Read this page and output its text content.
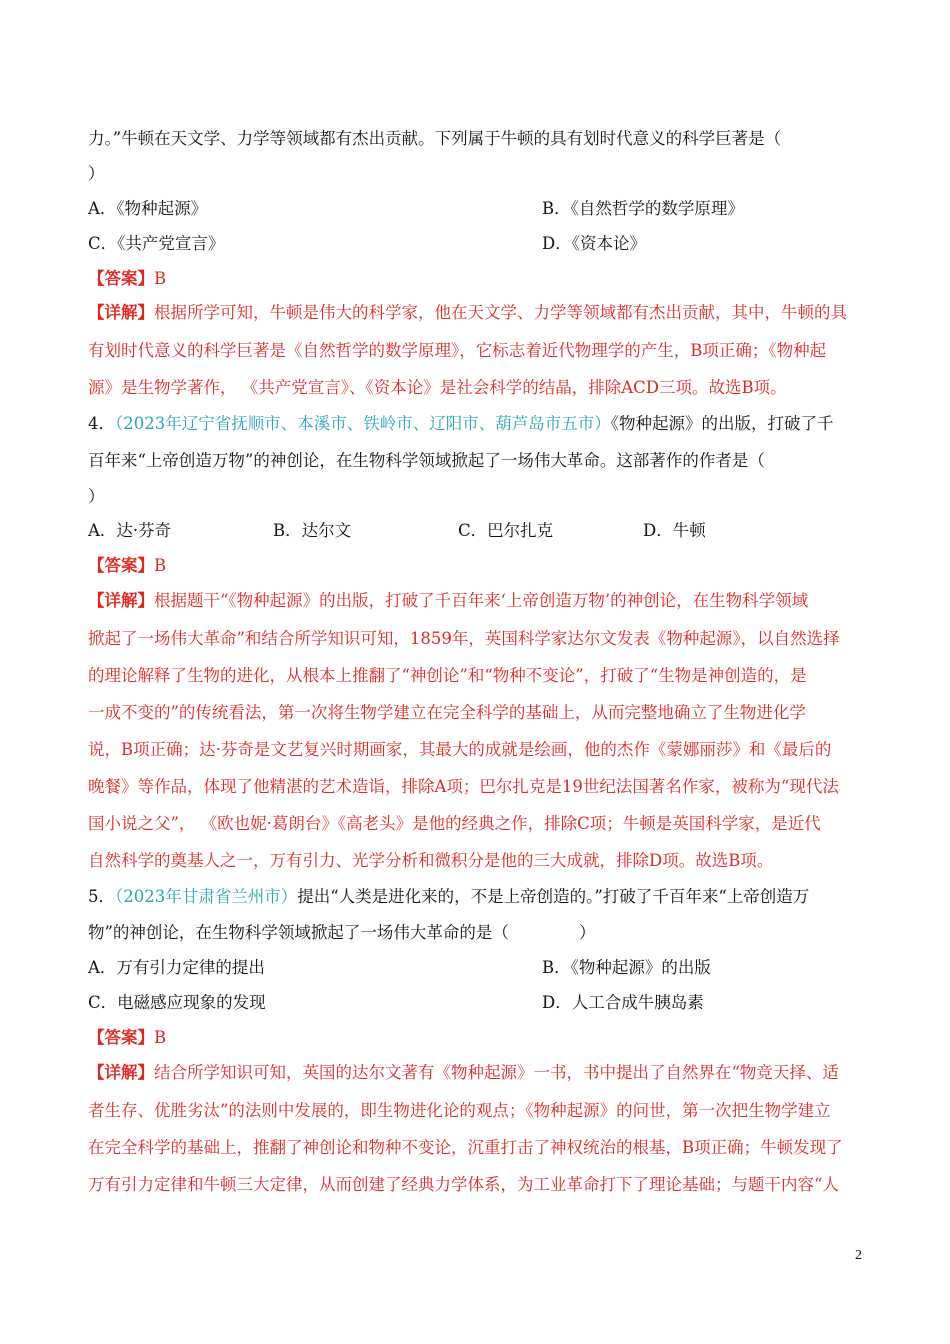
力。”牛顿在天文学、力学等领域都有杰出贡献。下列属于牛顿的具有划时代意义的科学巨著是（
）
A．《物种起源》	B．《自然哲学的数学原理》
C．《共产党宣言》	D．《资本论》
【答案】B
【详解】根据所学可知，牛顿是伟大的科学家，他在天文学、力学等领域都有杰出贡献，其中，牛顿的具
有划时代意义的科学巨著是《自然哲学的数学原理》，它标志着近代物理学的产生，B项正确；《物种起
源》是生物学著作， 《共产党宣言》、《资本论》是社会科学的结晶，排除ACD三项。故选B项。
4．（2023年辽宁省抚顺市、本溪市、铁岭市、辽阳市、葫芦岛市五市）《物种起源》的出版，打破了千
百年来“上帝创造万物”的神创论，在生物科学领域掀起了一场伟大革命。这部著作的作者是（
）
A．达·芬奇	B．达尔文	C．巴尔扎克	D．牛顿
【答案】B
【详解】根据题干“《物种起源》的出版，打破了千百年来‘上帝创造万物’的神创论，在生物科学领域
掀起了一场伟大革命”和结合所学知识可知，1859年，英国科学家达尔文发表《物种起源》，以自然选择
的理论解释了生物的进化，从根本上推翻了“神创论”和“物种不变论”，打破了“生物是神创造的，是
一成不变的”的传统看法，第一次将生物学建立在完全科学的基础上，从而完整地确立了生物进化学
说，B项正确；达·芬奇是文艺复兴时期画家，其最大的成就是绘画，他的杰作《蒙娜丽莎》和《最后的
晚餐》等作品，体现了他精湛的艺术造诣，排除A项；巴尔扎克是19世纪法国著名作家，被称为“现代法
国小说之父”， 《欧也妮·葛朗台》《高老头》是他的经典之作，排除C项；牛顿是英国科学家，是近代
自然科学的奠基人之一，万有引力、光学分析和微积分是他的三大成就，排除D项。故选B项。
5．（2023年甘肃省兰州市）提出“人类是进化来的，不是上帝创造的。”打破了千百年来“上帝创造万
物”的神创论，在生物科学领域掀起了一场伟大革命的是（	）
A．万有引力定律的提出	B．《物种起源》的出版
C．电磁感应现象的发现	D．人工合成牛胰岛素
【答案】B
【详解】结合所学知识可知，英国的达尔文著有《物种起源》一书，书中提出了自然界在“物竞天择、适
者生存、优胜劣汰”的法则中发展的，即生物进化论的观点；《物种起源》的问世，第一次把生物学建立
在完全科学的基础上，推翻了神创论和物种不变论，沉重打击了神权统治的根基，B项正确；牛顿发现了
万有引力定律和牛顿三大定律，从而创建了经典力学体系，为工业革命打下了理论基础；与题干内容“人
2
